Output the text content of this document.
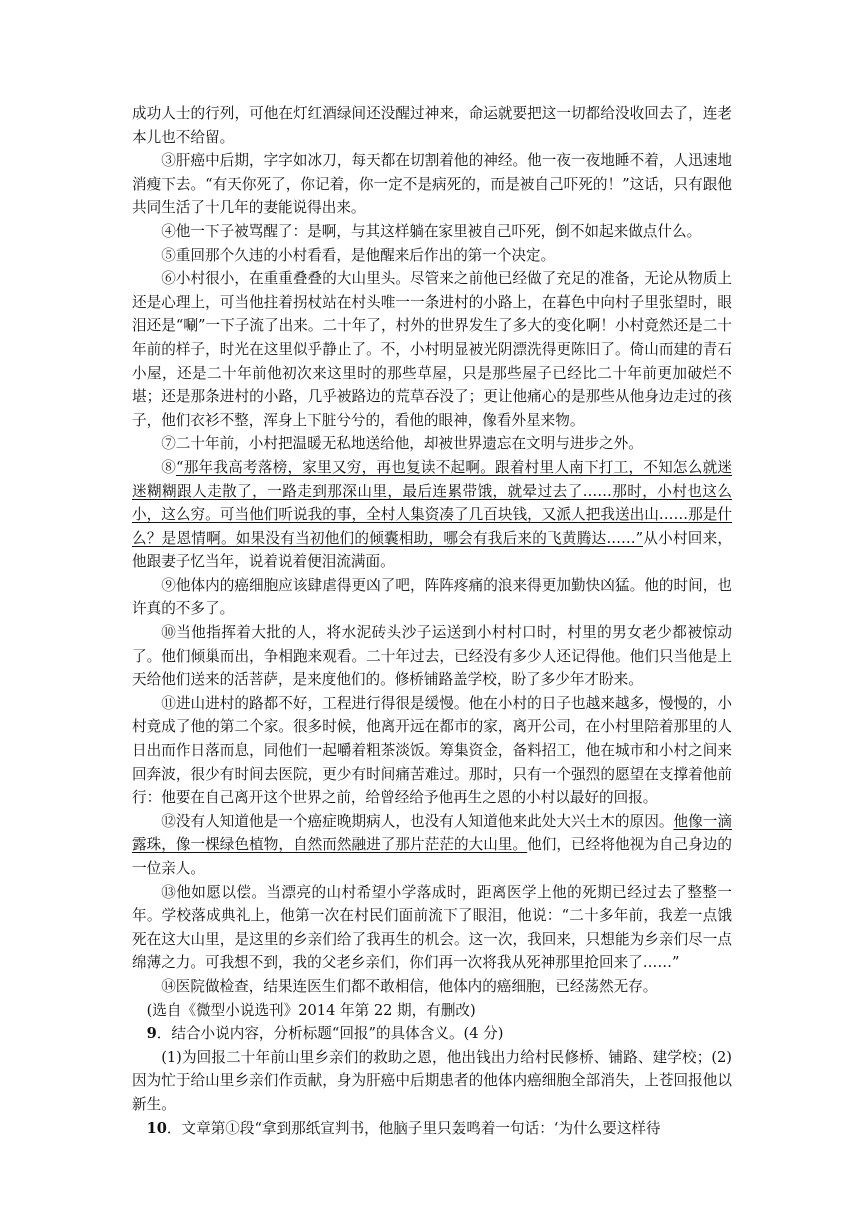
成功人士的行列，可他在灯红酒绿间还没醒过神来，命运就要把这一切都给没收回去了，连老本儿也不给留。

③肝癌中后期，字字如冰刀，每天都在切割着他的神经。他一夜一夜地睡不着，人迅速地消瘦下去。“有天你死了，你记着，你一定不是病死的，而是被自己吓死的！”这话，只有跟他共同生活了十几年的妻能说得出来。

④他一下子被骂醒了：是啊，与其这样躺在家里被自己吓死，倒不如起来做点什么。

⑤重回那个久违的小村看看，是他醒来后作出的第一个决定。

⑥小村很小，在重重叠叠的大山里头。尽管来之前他已经做了充足的准备，无论从物质上还是心理上，可当他拄着拐杖站在村头唯一一条进村的小路上，在暮色中向村子里张望时，眼泪还是“唰”一下子流了出来。二十年了，村外的世界发生了多大的变化啊！小村竟然还是二十年前的样子，时光在这里似乎静止了。不，小村明显被光阴漂洗得更陈旧了。倚山而建的青石小屋，还是二十年前他初次来这里时的那些草屋，只是那些屋子已经比二十年前更加破烂不堪；还是那条进村的小路，几乎被路边的荒草吞没了；更让他痛心的是那些从他身边走过的孩子，他们衣衫不整，浑身上下脏兮兮的，看他的眼神，像看外星来物。

⑦二十年前，小村把温暖无私地送给他，却被世界遗忘在文明与进步之外。

⑧“那年我高考落榜，家里又穷，再也复读不起啊。跟着村里人南下打工，不知怎么就迷迷糊糊跟人走散了，一路走到那深山里，最后连累带饿，就晕过去了……那时，小村也这么小，这么穷。可当他们听说我的事，全村人集资凑了几百块钱，又派人把我送出山……那是什么？是恩情啊。如果没有当初他们的倾囊相助，哪会有我后来的飞黄腾达……”从小村回来，他跟妻子忆当年，说着说着便泪流满面。

⑨他体内的癌细胞应该肆虐得更凶了吧，阵阵疼痛的浪来得更加勤快凶猛。他的时间，也许真的不多了。

⑩当他指挥着大批的人，将水泥砖头沙子运送到小村村口时，村里的男女老少都被惊动了。他们倾巢而出，争相跑来观看。二十年过去，已经没有多少人还记得他。他们只当他是上天给他们送来的活菩萨，是来度他们的。修桥铺路盖学校，盼了多少年才盼来。

⑪进山进村的路都不好，工程进行得很是缓慢。他在小村的日子也越来越多，慢慢的，小村竟成了他的第二个家。很多时候，他离开远在都市的家，离开公司，在小村里陪着那里的人日出而作日落而息，同他们一起嚼着粗茶淡饭。筹集资金，备料招工，他在城市和小村之间来回奔波，很少有时间去医院，更少有时间痛苦难过。那时，只有一个强烈的愿望在支撑着他前行：他要在自己离开这个世界之前，给曾经给予他再生之恩的小村以最好的回报。

⑫没有人知道他是一个癌症晚期病人，也没有人知道他来此处大兴土木的原因。他像一滴露珠，像一棵绿色植物，自然而然融进了那片茫茫的大山里。他们，已经将他视为自己身边的一位亲人。

⑬他如愿以偿。当漂亮的山村希望小学落成时，距离医学上他的死期已经过去了整整一年。学校落成典礼上，他第一次在村民们面前流下了眼泪，他说：“二十多年前，我差一点饿死在这大山里，是这里的乡亲们给了我再生的机会。这一次，我回来，只想能为乡亲们尽一点绵薄之力。可我想不到，我的父老乡亲们，你们再一次将我从死神那里抢回来了……”

⑭医院做检查，结果连医生们都不敢相信，他体内的癌细胞，已经荡然无存。

(选自《微型小说选刊》2014 年第 22 期，有删改)

9．结合小说内容，分析标题“回报”的具体含义。(4 分)

(1)为回报二十年前山里乡亲们的救助之恩，他出钱出力给村民修桥、铺路、建学校；(2)因为忙于给山里乡亲们作贡献，身为肝癌中后期患者的他体内癌细胞全部消失，上苍回报他以新生。

10．文章第①段“拿到那纸宣判书，他脑子里只轰鸣着一句话：‘为什么要这样待
